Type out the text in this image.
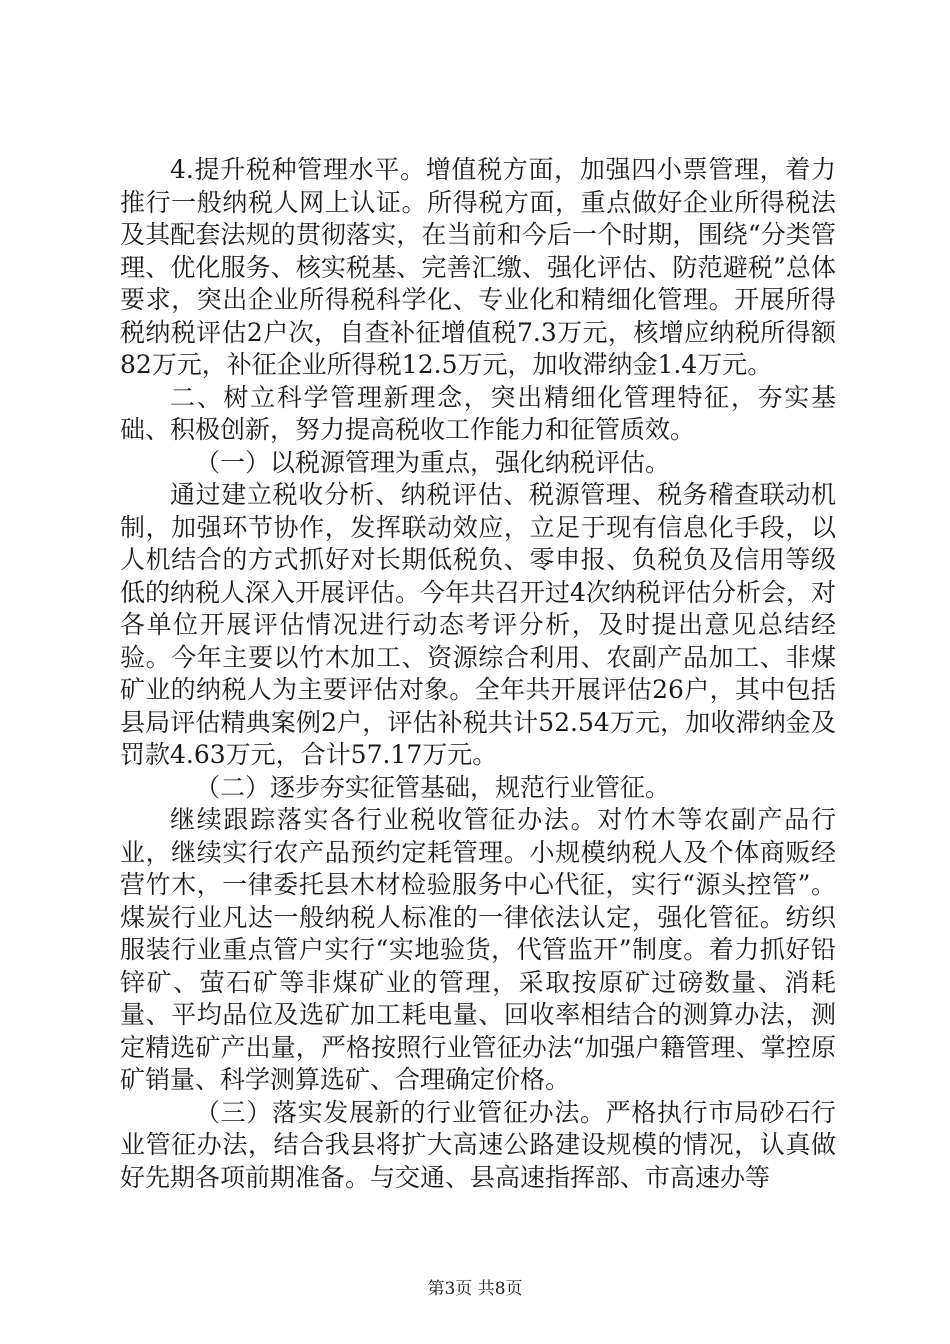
4.提升税种管理水平。增值税方面，加强四小票管理，着力推行一般纳税人网上认证。所得税方面，重点做好企业所得税法及其配套法规的贯彻落实，在当前和今后一个时期，围绕“分类管理、优化服务、核实税基、完善汇缴、强化评估、防范避税”总体要求，突出企业所得税科学化、专业化和精细化管理。开展所得税纳税评估2户次，自查补征增值税7.3万元，核增应纳税所得额82万元，补征企业所得税12.5万元，加收滞纳金1.4万元。

二、树立科学管理新理念，突出精细化管理特征，夯实基础、积极创新，努力提高税收工作能力和征管质效。

（一）以税源管理为重点，强化纳税评估。

通过建立税收分析、纳税评估、税源管理、税务稽查联动机制，加强环节协作，发挥联动效应，立足于现有信息化手段，以人机结合的方式抓好对长期低税负、零申报、负税负及信用等级低的纳税人深入开展评估。今年共召开过4次纳税评估分析会，对各单位开展评估情况进行动态考评分析，及时提出意见总结经验。今年主要以竹木加工、资源综合利用、农副产品加工、非煤矿业的纳税人为主要评估对象。全年共开展评估26户，其中包括县局评估精典案例2户，评估补税共计52.54万元，加收滞纳金及罚款4.63万元，合计57.17万元。

（二）逐步夯实征管基础，规范行业管征。

继续跟踪落实各行业税收管征办法。对竹木等农副产品行业，继续实行农产品预约定耗管理。小规模纳税人及个体商贩经营竹木，一律委托县木材检验服务中心代征，实行“源头控管”。煤炭行业凡达一般纳税人标准的一律依法认定，强化管征。纺织服装行业重点管户实行“实地验货，代管监开”制度。着力抓好铅锌矿、萤石矿等非煤矿业的管理，采取按原矿过磅数量、消耗量、平均品位及选矿加工耗电量、回收率相结合的测算办法，测定精选矿产出量，严格按照行业管征办法“加强户籍管理、掌控原矿销量、科学测算选矿、合理确定价格。

（三）落实发展新的行业管征办法。严格执行市局砂石行业管征办法，结合我县将扩大高速公路建设规模的情况，认真做好先期各项前期准备。与交通、县高速指挥部、市高速办等

第3页 共8页
